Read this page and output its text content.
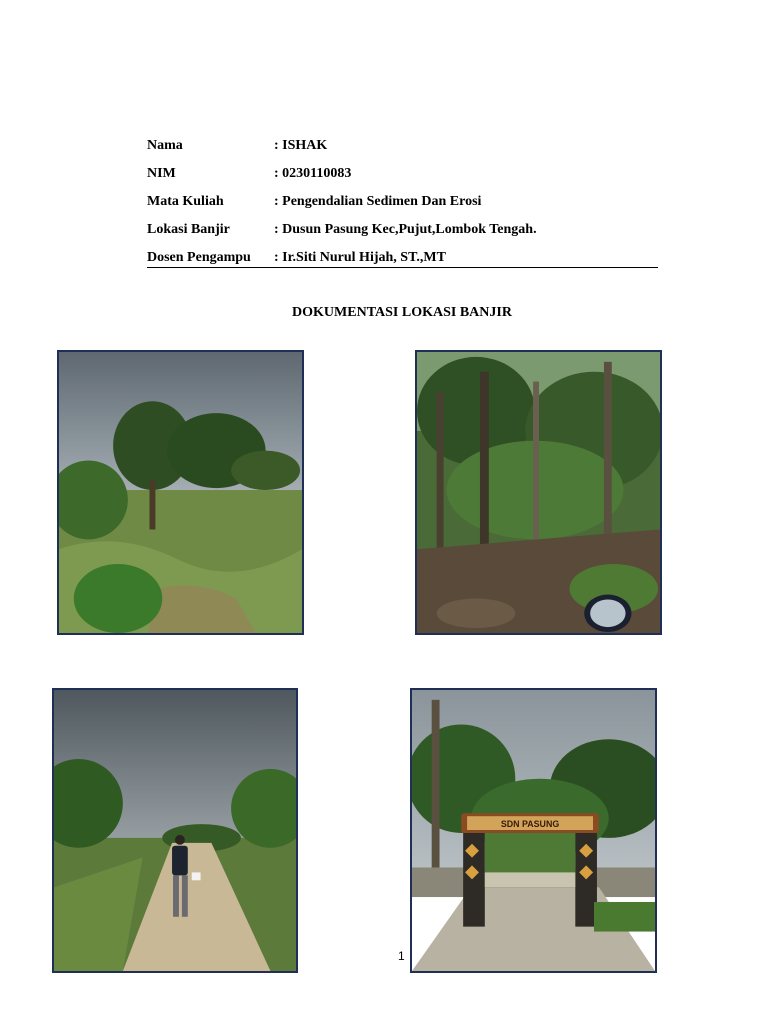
Nama	: ISHAK
NIM	: 0230110083
Mata Kuliah	: Pengendalian Sedimen Dan Erosi
Lokasi Banjir	: Dusun Pasung Kec,Pujut,Lombok Tengah.
Dosen Pengampu : Ir.Siti Nurul Hijah, ST.,MT
DOKUMENTASI LOKASI BANJIR
SDN PASUNG
1
